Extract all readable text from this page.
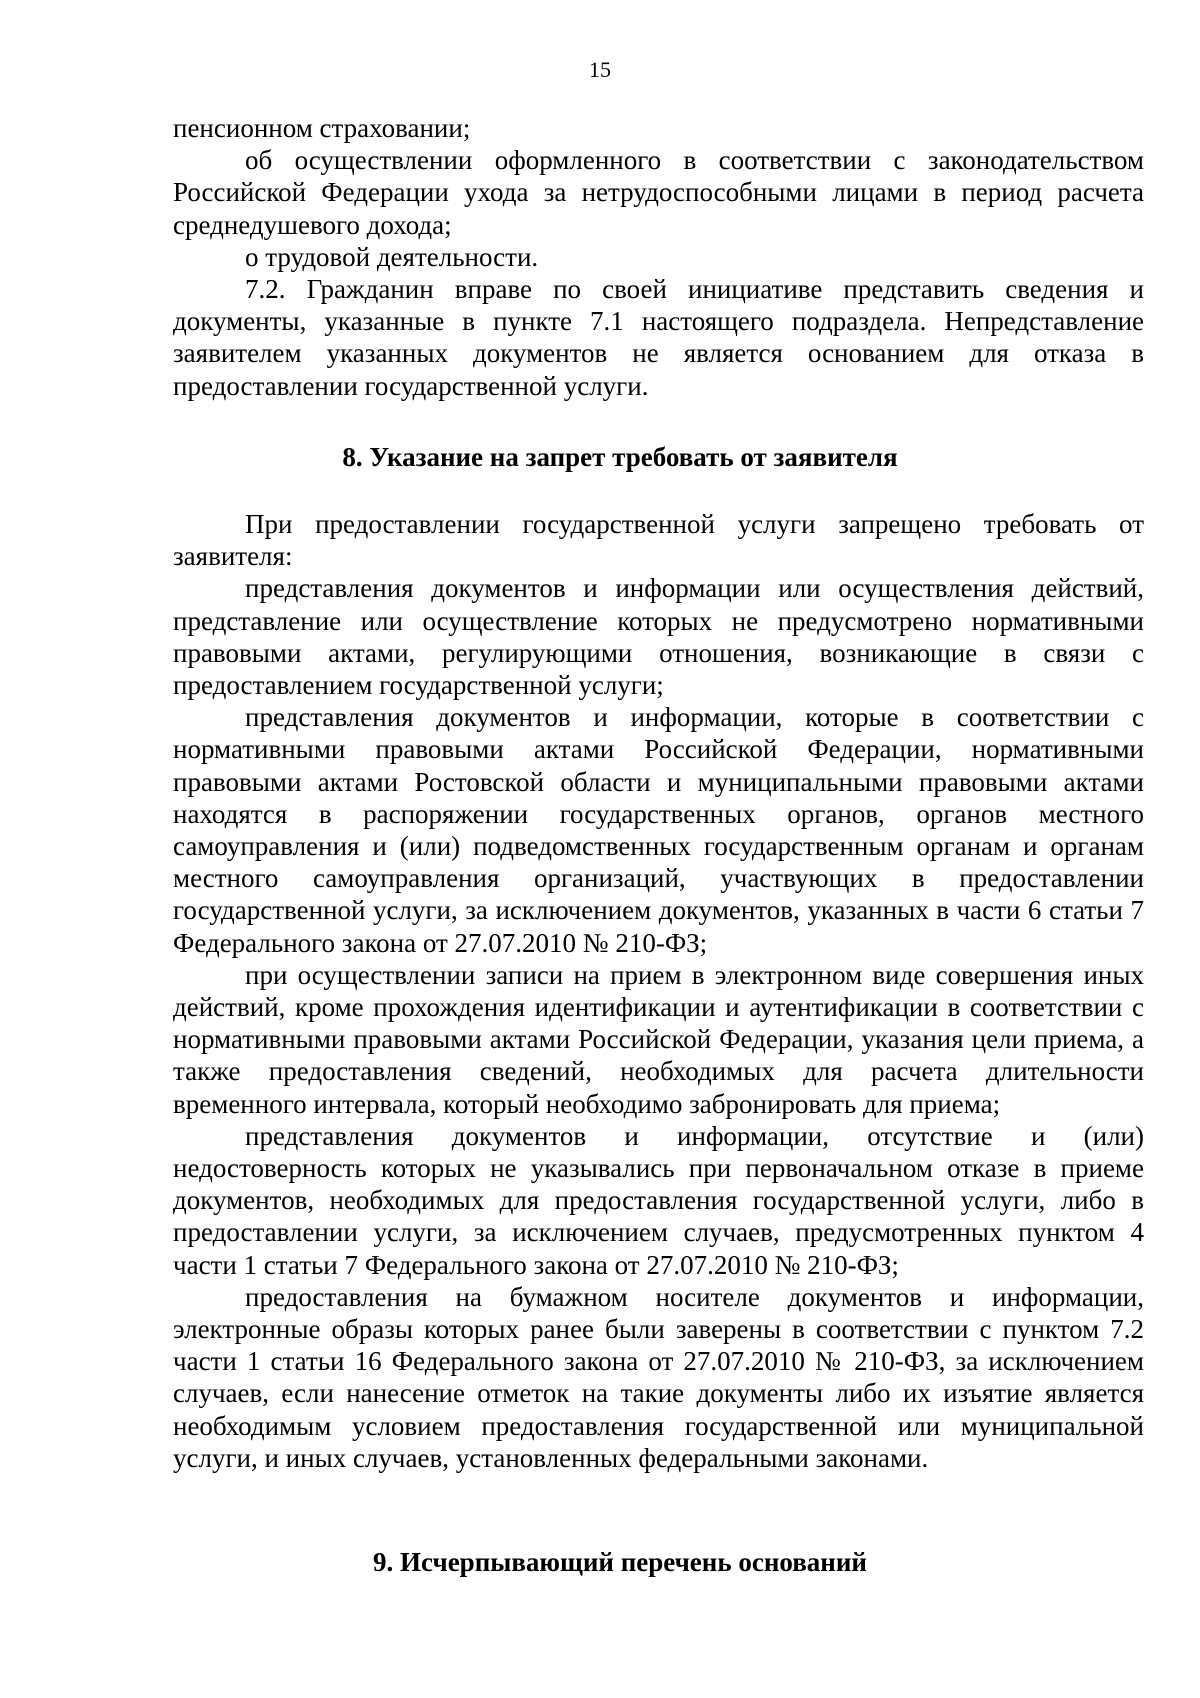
15

пенсионном страховании;

об осуществлении оформленного в соответствии с законодательством Российской Федерации ухода за нетрудоспособными лицами в период расчета среднедушевого дохода;

о трудовой деятельности.

7.2. Гражданин вправе по своей инициативе представить сведения и документы, указанные в пункте 7.1 настоящего подраздела. Непредставление заявителем указанных документов не является основанием для отказа в предоставлении государственной услуги.

8. Указание на запрет требовать от заявителя

При предоставлении государственной услуги запрещено требовать от заявителя:

представления документов и информации или осуществления действий, представление или осуществление которых не предусмотрено нормативными правовыми актами, регулирующими отношения, возникающие в связи с предоставлением государственной услуги;

представления документов и информации, которые в соответствии с нормативными правовыми актами Российской Федерации, нормативными правовыми актами Ростовской области и муниципальными правовыми актами находятся в распоряжении государственных органов, органов местного самоуправления и (или) подведомственных государственным органам и органам местного самоуправления организаций, участвующих в предоставлении государственной услуги, за исключением документов, указанных в части 6 статьи 7 Федерального закона от 27.07.2010 № 210-ФЗ;

при осуществлении записи на прием в электронном виде совершения иных действий, кроме прохождения идентификации и аутентификации в соответствии с нормативными правовыми актами Российской Федерации, указания цели приема, а также предоставления сведений, необходимых для расчета длительности временного интервала, который необходимо забронировать для приема;

представления документов и информации, отсутствие и (или) недостоверность которых не указывались при первоначальном отказе в приеме документов, необходимых для предоставления государственной услуги, либо в предоставлении услуги, за исключением случаев, предусмотренных пунктом 4 части 1 статьи 7 Федерального закона от 27.07.2010 № 210-ФЗ;

предоставления на бумажном носителе документов и информации, электронные образы которых ранее были заверены в соответствии с пунктом 7.2 части 1 статьи 16 Федерального закона от 27.07.2010 № 210-ФЗ, за исключением случаев, если нанесение отметок на такие документы либо их изъятие является необходимым условием предоставления государственной или муниципальной услуги, и иных случаев, установленных федеральными законами.

9. Исчерпывающий перечень оснований
